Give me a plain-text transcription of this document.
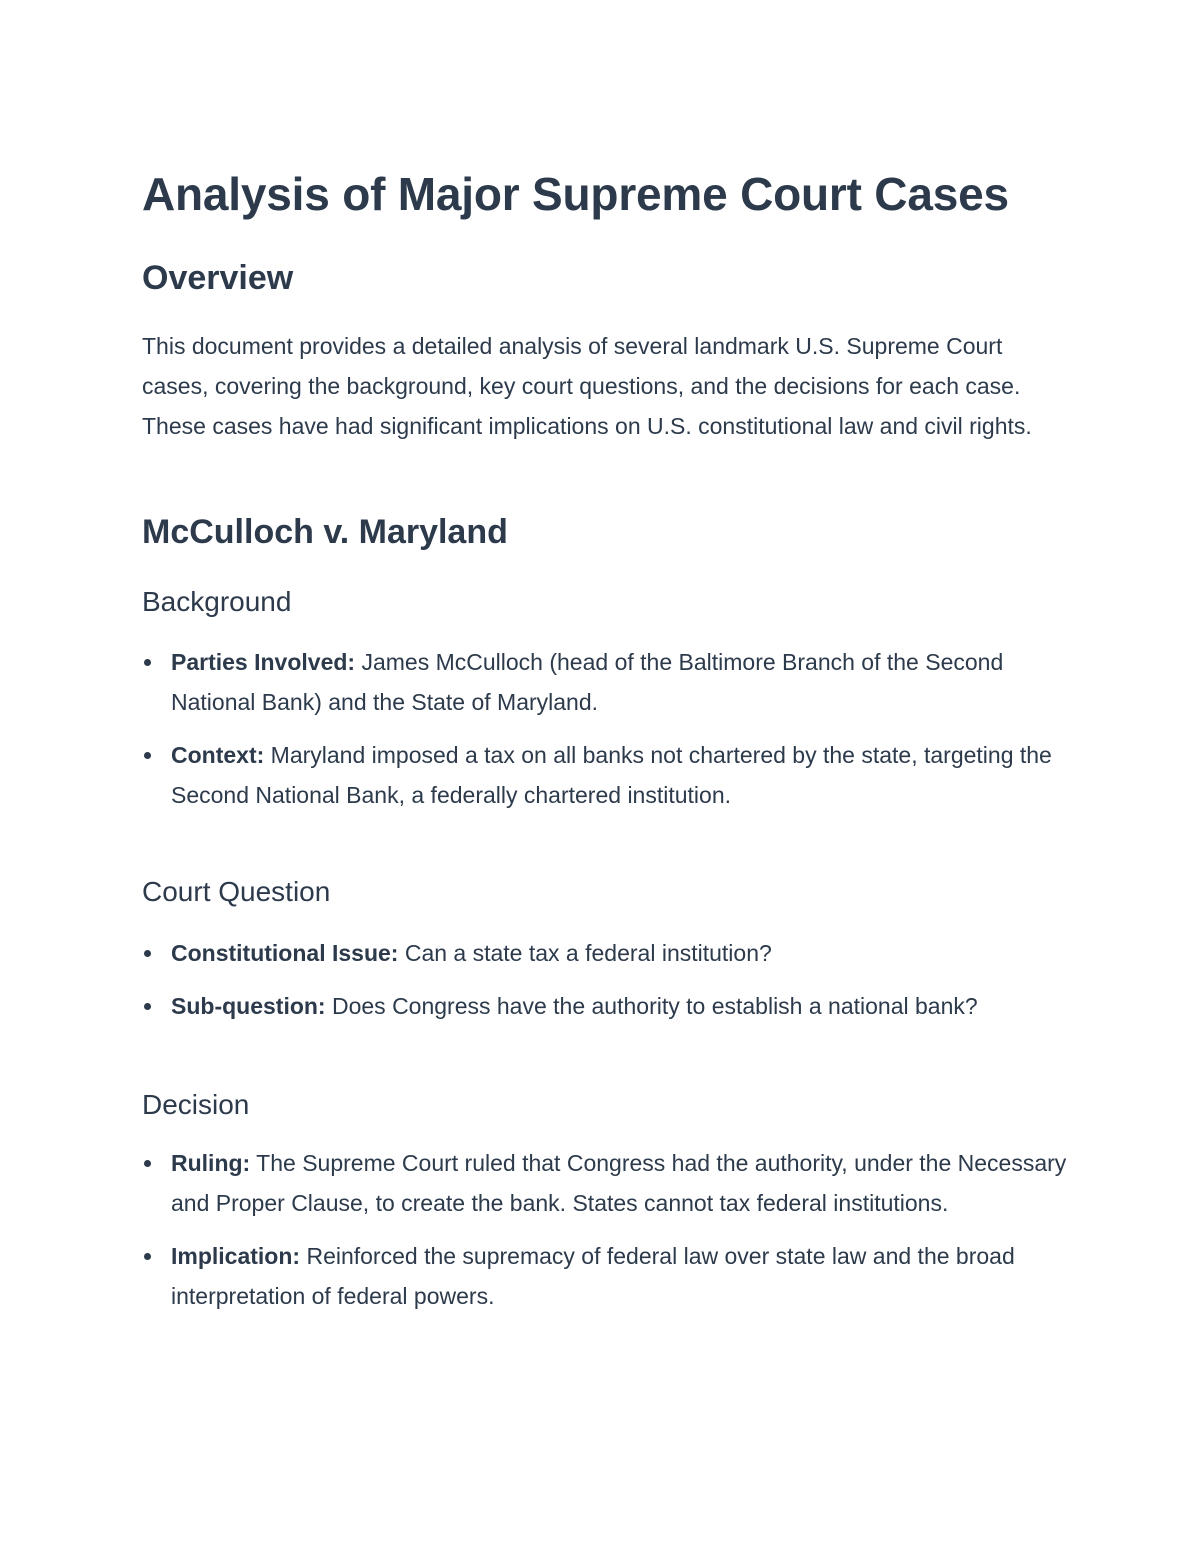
Analysis of Major Supreme Court Cases
Overview

This document provides a detailed analysis of several landmark U.S. Supreme Court cases, covering the background, key court questions, and the decisions for each case. These cases have had significant implications on U.S. constitutional law and civil rights.

McCulloch v. Maryland
Background
Parties Involved: James McCulloch (head of the Baltimore Branch of the Second National Bank) and the State of Maryland.
Context: Maryland imposed a tax on all banks not chartered by the state, targeting the Second National Bank, a federally chartered institution.
Court Question
Constitutional Issue: Can a state tax a federal institution?
Sub-question: Does Congress have the authority to establish a national bank?
Decision
Ruling: The Supreme Court ruled that Congress had the authority, under the Necessary and Proper Clause, to create the bank. States cannot tax federal institutions.
Implication: Reinforced the supremacy of federal law over state law and the broad interpretation of federal powers.
